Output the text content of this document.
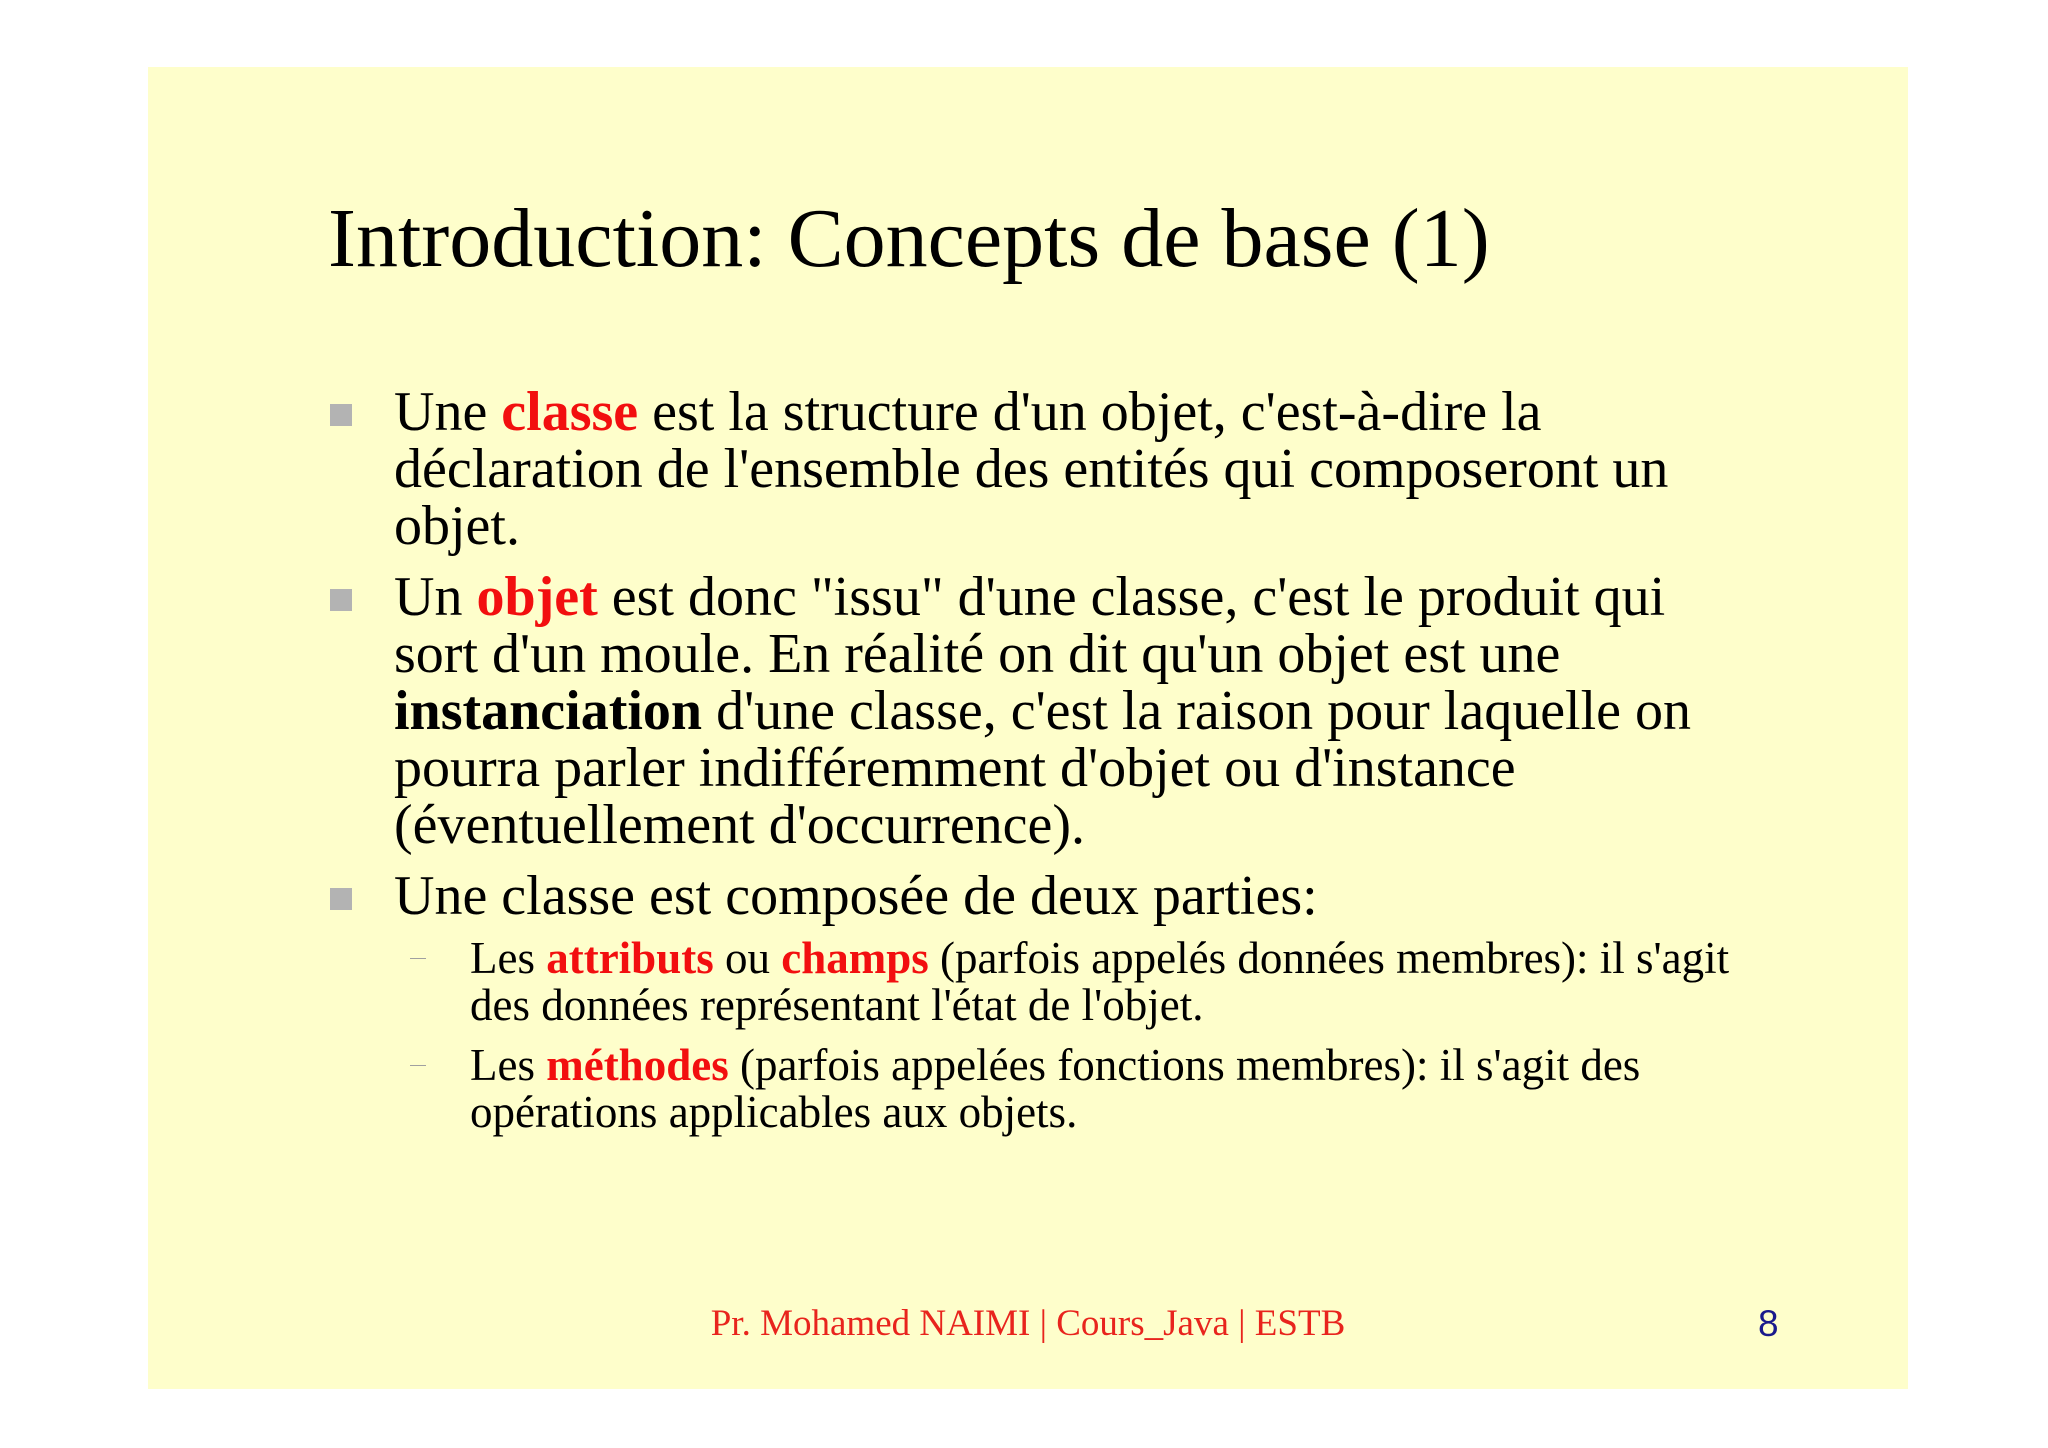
Introduction: Concepts de base (1)
Une classe est la structure d'un objet, c'est-à-dire la déclaration de l'ensemble des entités qui composeront un objet.
Un objet est donc "issu" d'une classe, c'est le produit qui sort d'un moule. En réalité on dit qu'un objet est une instanciation d'une classe, c'est la raison pour laquelle on pourra parler indifféremment d'objet ou d'instance (éventuellement d'occurrence).
Une classe est composée de deux parties:
Les attributs ou champs (parfois appelés données membres): il s'agit des données représentant l'état de l'objet.
Les méthodes (parfois appelées fonctions membres): il s'agit des opérations applicables aux objets.
Pr. Mohamed NAIMI | Cours_Java | ESTB	8
